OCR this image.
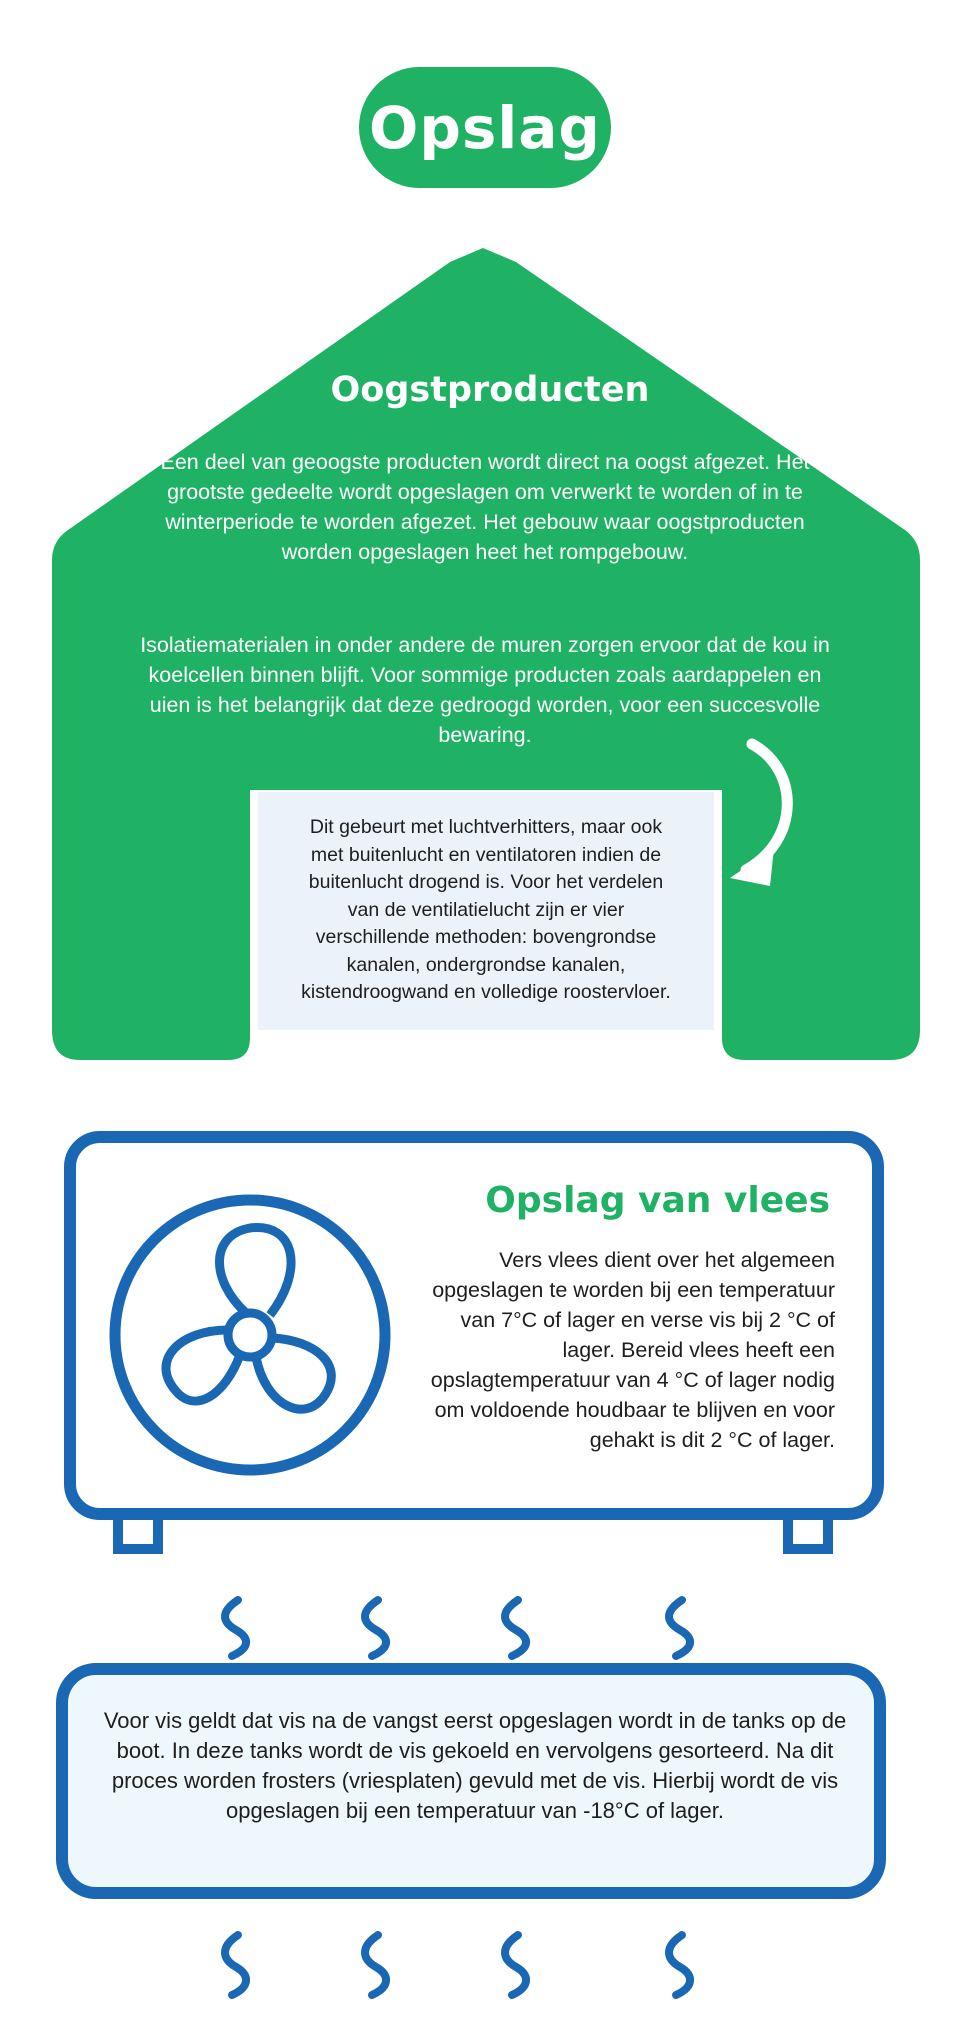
Opslag
Oogstproducten

Een deel van geoogste producten wordt direct na oogst afgezet. Het grootste gedeelte wordt opgeslagen om verwerkt te worden of in te winterperiode te worden afgezet. Het gebouw waar oogstproducten worden opgeslagen heet het rompgebouw.

Isolatiematerialen in onder andere de muren zorgen ervoor dat de kou in koelcellen binnen blijft. Voor sommige producten zoals aardappelen en uien is het belangrijk dat deze gedroogd worden, voor een succesvolle bewaring.

Dit gebeurt met luchtverhitters, maar ook met buitenlucht en ventilatoren indien de buitenlucht drogend is. Voor het verdelen van de ventilatielucht zijn er vier verschillende methoden: bovengrondse kanalen, ondergrondse kanalen, kistendroogwand en volledige roostervloer.

Opslag van vlees

Vers vlees dient over het algemeen opgeslagen te worden bij een temperatuur van 7°C of lager en verse vis bij 2 °C of lager. Bereid vlees heeft een opslagtemperatuur van 4 °C of lager nodig om voldoende houdbaar te blijven en voor gehakt is dit 2 °C of lager.

Voor vis geldt dat vis na de vangst eerst opgeslagen wordt in de tanks op de boot. In deze tanks wordt de vis gekoeld en vervolgens gesorteerd. Na dit proces worden frosters (vriesplaten) gevuld met de vis. Hierbij wordt de vis opgeslagen bij een temperatuur van -18°C of lager.
